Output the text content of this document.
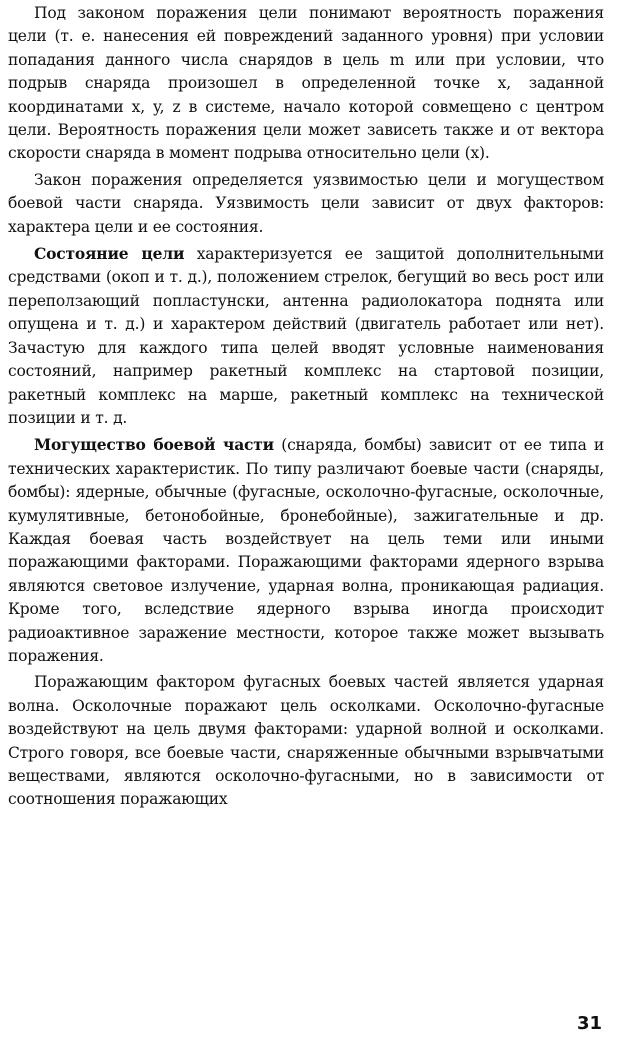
Под законом поражения цели понимают вероятность поражения цели (т. е. нанесения ей повреждений заданного уровня) при условии попадания данного числа снарядов в цель m или при условии, что подрыв снаряда произошел в определенной точке x, заданной координатами x, y, z в системе, начало которой совмещено с центром цели. Вероятность поражения цели может зависеть также и от вектора скорости снаряда в момент подрыва относительно цели (x).

Закон поражения определяется уязвимостью цели и могуществом боевой части снаряда. Уязвимость цели зависит от двух факторов: характера цели и ее состояния.

Состояние цели характеризуется ее защитой дополнительными средствами (окоп и т. д.), положением стрелок, бегущий во весь рост или переползающий попластунски, антенна радиолокатора поднята или опущена и т. д.) и характером действий (двигатель работает или нет). Зачастую для каждого типа целей вводят условные наименования состояний, например ракетный комплекс на стартовой позиции, ракетный комплекс на марше, ракетный комплекс на технической позиции и т. д.

Могущество боевой части (снаряда, бомбы) зависит от ее типа и технических характеристик. По типу различают боевые части (снаряды, бомбы): ядерные, обычные (фугасные, осколочно-фугасные, осколочные, кумулятивные, бетонобойные, бронебойные), зажигательные и др. Каждая боевая часть воздействует на цель теми или иными поражающими факторами. Поражающими факторами ядерного взрыва являются световое излучение, ударная волна, проникающая радиация. Кроме того, вследствие ядерного взрыва иногда происходит радиоактивное заражение местности, которое также может вызывать поражения.

Поражающим фактором фугасных боевых частей является ударная волна. Осколочные поражают цель осколками. Осколочно-фугасные воздействуют на цель двумя факторами: ударной волной и осколками. Строго говоря, все боевые части, снаряженные обычными взрывчатыми веществами, являются осколочно-фугасными, но в зависимости от соотношения поражающих

31
